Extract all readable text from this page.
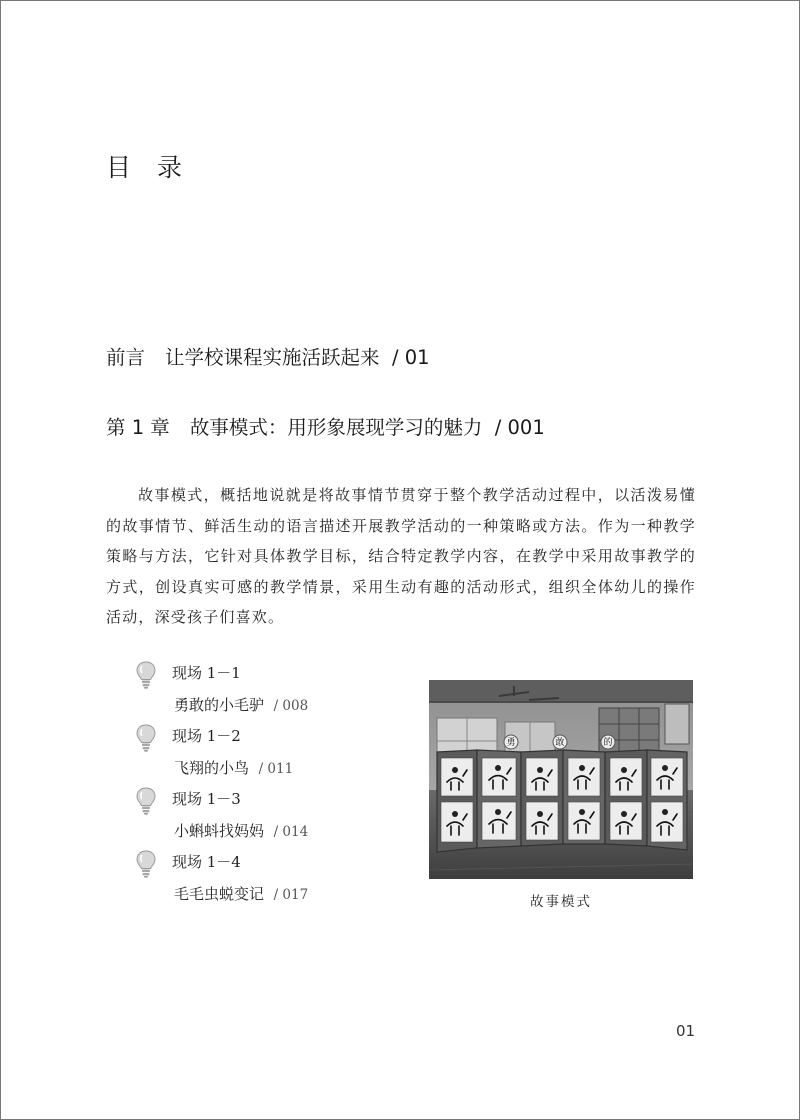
目 录
前言 让学校课程实施活跃起来 / 01
第 1 章 故事模式：用形象展现学习的魅力 / 001
故事模式，概括地说就是将故事情节贯穿于整个教学活动过程中，以活泼易懂的故事情节、鲜活生动的语言描述开展教学活动的一种策略或方法。作为一种教学策略与方法，它针对具体教学目标，结合特定教学内容，在教学中采用故事教学的方式，创设真实可感的教学情景，采用生动有趣的活动形式，组织全体幼儿的操作活动，深受孩子们喜欢。
现场 1－1
勇敢的小毛驴 / 008
现场 1－2
飞翔的小鸟 / 011
现场 1－3
小蝌蚪找妈妈 / 014
现场 1－4
毛毛虫蜕变记 / 017
勇	敢	的
故事模式
01
